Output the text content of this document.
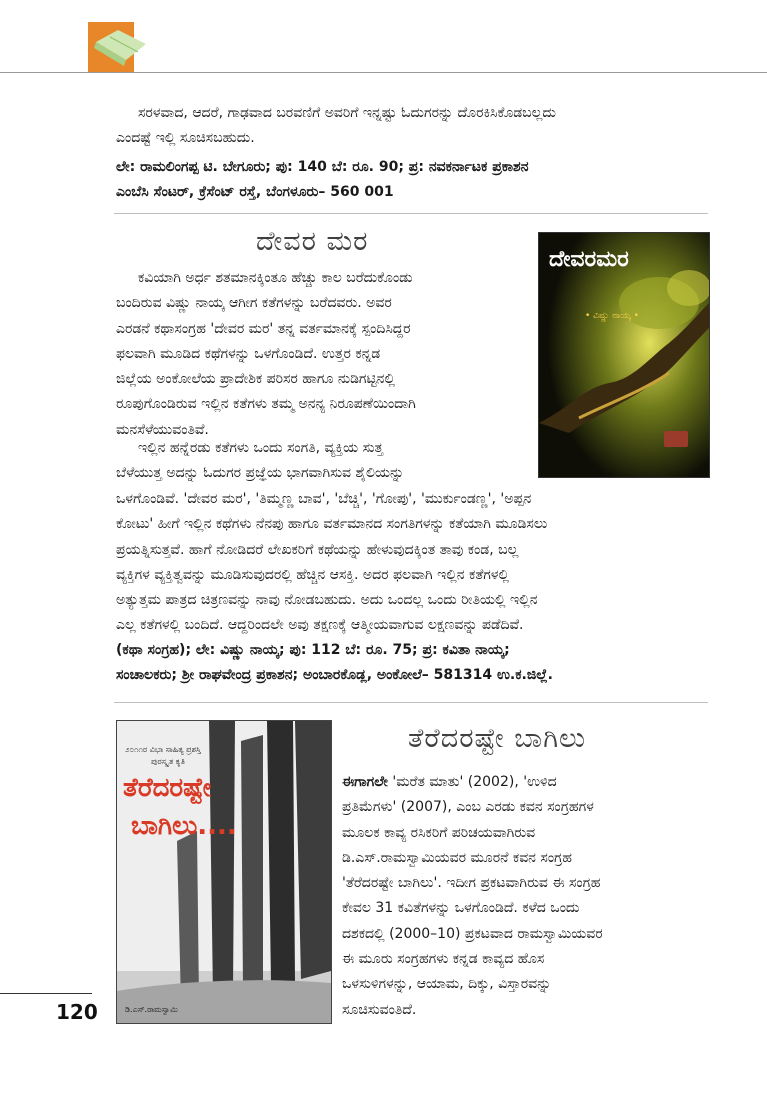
ಸರಳವಾದ, ಆದರೆ, ಗಾಢವಾದ ಬರವಣಿಗೆ ಅವರಿಗೆ ಇನ್ನಷ್ಟು ಓದುಗರನ್ನು ದೊರಕಿಸಿಕೊಡಬಲ್ಲದು
ಎಂದಷ್ಟೆ ಇಲ್ಲಿ ಸೂಚಿಸಬಹುದು.

ಲೇ: ರಾಮಲಿಂಗಪ್ಪ ಟಿ. ಬೇಗೂರು; ಪು: 140 ಬೆ: ರೂ. 90; ಪ್ರ: ನವಕರ್ನಾಟಕ ಪ್ರಕಾಶನ
ಎಂಬೆಸಿ ಸೆಂಟರ್, ಕ್ರೆಸೆಂಟ್ ರಸ್ತೆ, ಬೆಂಗಳೂರು– 560 001

ದೇವರ ಮರ

ಕವಿಯಾಗಿ ಅರ್ಧ ಶತಮಾನಕ್ಕಿಂತೂ ಹೆಚ್ಚು ಕಾಲ ಬರೆದುಕೊಂಡು
ಬಂದಿರುವ ವಿಷ್ಣು ನಾಯ್ಕ ಆಗೀಗ ಕತೆಗಳನ್ನು ಬರೆದವರು. ಅವರ
ಎರಡನೆ ಕಥಾಸಂಗ್ರಹ 'ದೇವರ ಮರ' ತನ್ನ ವರ್ತಮಾನಕ್ಕೆ ಸ್ಪಂದಿಸಿದ್ದರ
ಫಲವಾಗಿ ಮೂಡಿದ ಕಥೆಗಳನ್ನು ಒಳಗೊಂಡಿದೆ. ಉತ್ತರ ಕನ್ನಡ
ಜಿಲ್ಲೆಯ ಅಂಕೋಲೆಯ ಪ್ರಾದೇಶಿಕ ಪರಿಸರ ಹಾಗೂ ನುಡಿಗಟ್ಟಿನಲ್ಲಿ
ರೂಪುಗೊಂಡಿರುವ ಇಲ್ಲಿನ ಕತೆಗಳು ತಮ್ಮ ಅನನ್ಯ ನಿರೂಪಣೆಯಿಂದಾಗಿ
ಮನಸೆಳೆಯುವಂತಿವೆ.

ಇಲ್ಲಿನ ಹನ್ನೆರಡು ಕತೆಗಳು ಒಂದು ಸಂಗತಿ, ವ್ಯಕ್ತಿಯ ಸುತ್ತ
ಬೆಳೆಯುತ್ತ ಅದನ್ನು ಓದುಗರ ಪ್ರಜ್ಞೆಯ ಭಾಗವಾಗಿಸುವ ಶೈಲಿಯನ್ನು

ಒಳಗೊಂಡಿವೆ. 'ದೇವರ ಮರ', 'ತಿಮ್ಮಣ್ಣ ಬಾವ', 'ಬೆಚ್ಚಿ', 'ಗೋಪು', 'ಮುರ್ಕುಂಡಣ್ಣ', 'ಅಪ್ಪನ
ಕೋಟು' ಹೀಗೆ ಇಲ್ಲಿನ ಕಥೆಗಳು ನೆನಪು ಹಾಗೂ ವರ್ತಮಾನದ ಸಂಗತಿಗಳನ್ನು ಕತೆಯಾಗಿ ಮೂಡಿಸಲು
ಪ್ರಯತ್ನಿಸುತ್ತವೆ. ಹಾಗೆ ನೋಡಿದರೆ ಲೇಖಕರಿಗೆ ಕಥೆಯನ್ನು ಹೇಳುವುದಕ್ಕಿಂತ ತಾವು ಕಂಡ, ಬಲ್ಲ
ವ್ಯಕ್ತಿಗಳ ವ್ಯಕ್ತಿತ್ವವನ್ನು ಮೂಡಿಸುವುದರಲ್ಲಿ ಹೆಚ್ಚಿನ ಆಸಕ್ತಿ. ಅದರ ಫಲವಾಗಿ ಇಲ್ಲಿನ ಕತೆಗಳಲ್ಲಿ
ಅತ್ಯುತ್ತಮ ಪಾತ್ರದ ಚಿತ್ರಣವನ್ನು ನಾವು ನೋಡಬಹುದು. ಅದು ಒಂದಲ್ಲ ಒಂದು ರೀತಿಯಲ್ಲಿ ಇಲ್ಲಿನ
ಎಲ್ಲ ಕತೆಗಳಲ್ಲಿ ಬಂದಿದೆ. ಆದ್ದರಿಂದಲೇ ಅವು ತಕ್ಷಣಕ್ಕೆ ಆತ್ಮೀಯವಾಗುವ ಲಕ್ಷಣವನ್ನು ಪಡೆದಿವೆ.

(ಕಥಾ ಸಂಗ್ರಹ); ಲೇ: ವಿಷ್ಣು ನಾಯ್ಕ; ಪು: 112 ಬೆ: ರೂ. 75; ಪ್ರ: ಕವಿತಾ ನಾಯ್ಕ;
ಸಂಚಾಲಕರು; ಶ್ರೀ ರಾಘವೇಂದ್ರ ಪ್ರಕಾಶನ; ಅಂಬಾರಕೊಡ್ಲ, ಅಂಕೋಲೆ– 581314 ಉ.ಕ.ಜಿಲ್ಲೆ.

ದೇವರಮರ
• ವಿಷ್ಣು ನಾಯ್ಕ •
೨೦೧೧ರ ವಿಭಾ ಸಾಹಿತ್ಯ ಪ್ರಶಸ್ತಿ
ಪುರಸ್ಕೃತ ಕೃತಿ
ತೆರೆದರಷ್ಟೇ
ಬಾಗಿಲು....
ಡಿ.ಎಸ್.ರಾಮಸ್ವಾಮಿ
ತೆರೆದರಷ್ಟೇ ಬಾಗಿಲು

ಈಗಾಗಲೇ 'ಮರೆತ ಮಾತು' (2002), 'ಉಳಿದ
ಪ್ರತಿಮೆಗಳು' (2007), ಎಂಬ ಎರಡು ಕವನ ಸಂಗ್ರಹಗಳ
ಮೂಲಕ ಕಾವ್ಯ ರಸಿಕರಿಗೆ ಪರಿಚಯವಾಗಿರುವ
ಡಿ.ಎಸ್.ರಾಮಸ್ವಾಮಿಯವರ ಮೂರನೆ ಕವನ ಸಂಗ್ರಹ
'ತೆರೆದರಷ್ಟೇ ಬಾಗಿಲು'. ಇದೀಗ ಪ್ರಕಟವಾಗಿರುವ ಈ ಸಂಗ್ರಹ
ಕೇವಲ 31 ಕವಿತೆಗಳನ್ನು ಒಳಗೊಂಡಿದೆ. ಕಳೆದ ಒಂದು
ದಶಕದಲ್ಲಿ (2000–10) ಪ್ರಕಟವಾದ ರಾಮಸ್ವಾಮಿಯವರ
ಈ ಮೂರು ಸಂಗ್ರಹಗಳು ಕನ್ನಡ ಕಾವ್ಯದ ಹೊಸ
ಒಳಸುಳಿಗಳನ್ನು, ಆಯಾಮ, ದಿಕ್ಕು, ವಿಸ್ತಾರವನ್ನು
ಸೂಚಿಸುವಂತಿದೆ.

120
